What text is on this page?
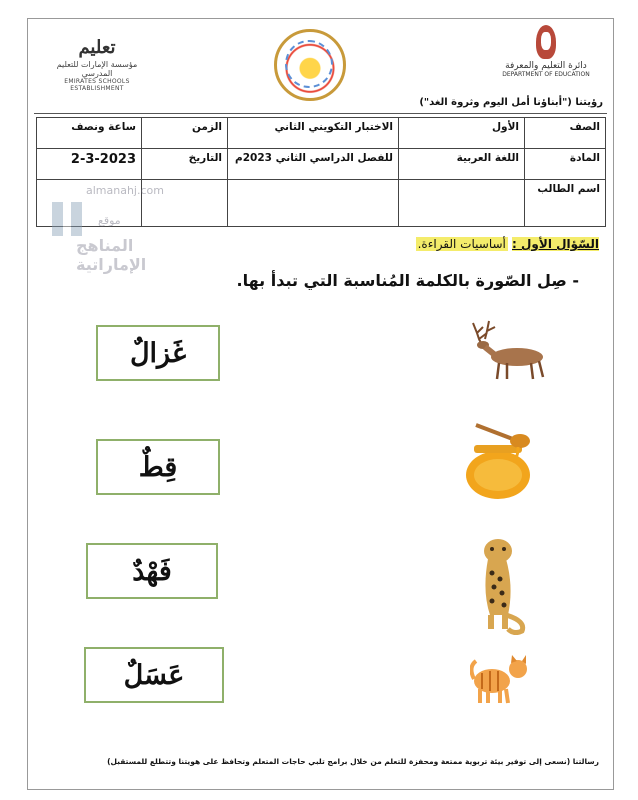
تعليم
مؤسسة الإمارات للتعليم المدرسي
EMIRATES SCHOOLS ESTABLISHMENT
دائرة التعليم والمعرفة
DEPARTMENT OF EDUCATION
رؤيتنا ("أبناؤنا أمل اليوم وثروة الغد")
الصف	الأول	الاختبار التكويني الثاني	الزمن	ساعة ونصف
المادة	اللغة العربية	للفصل الدراسي الثاني 2023م	التاريخ	2-3-2023
اسم الطالب				
almanahj.com
موقع
المناهج الإماراتية
السّؤال الأول : أساسيات القراءة.
- صِل الصّورة بالكلمة المُناسبة التي تبدأ بها.
غَزالٌ
قِطٌ
فَهْدٌ
عَسَلٌ
رسالتنا (نسعى إلى توفير بيئة تربوية ممتعة ومحفزة للتعلم من خلال برامج تلبي حاجات المتعلم وتحافظ على هويتنا وتتطلع للمستقبل)
